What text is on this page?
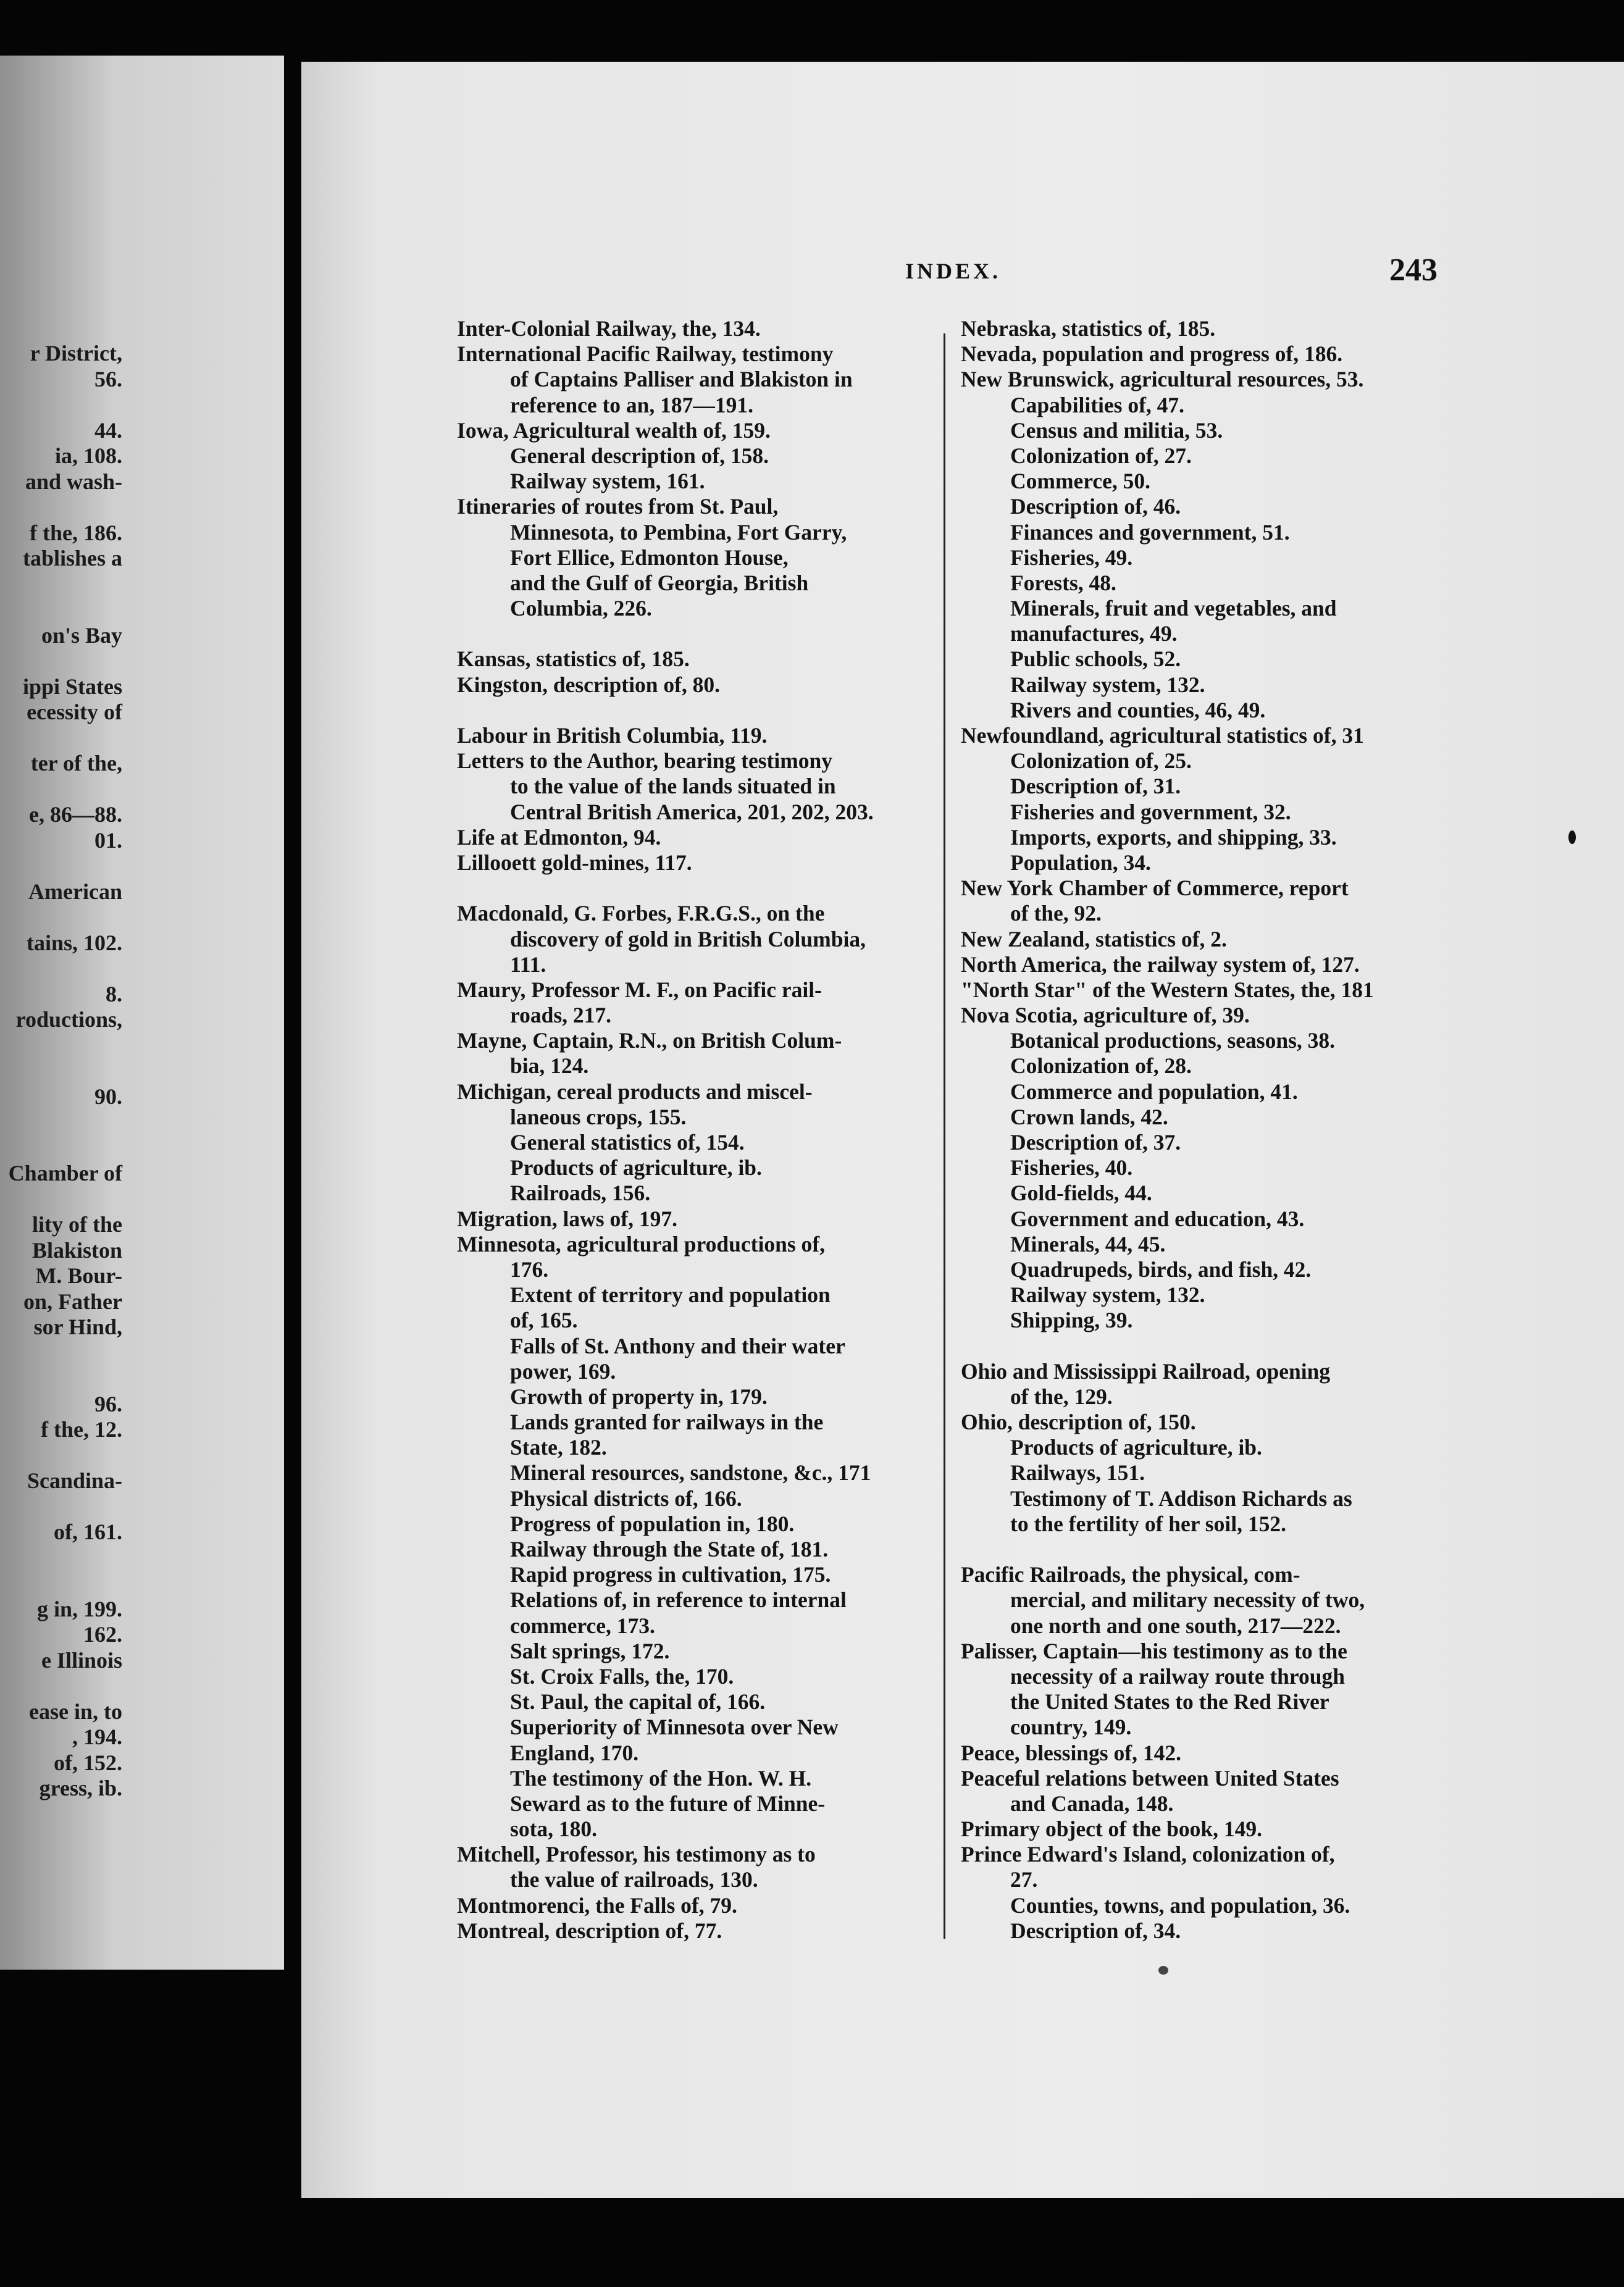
r District,
56.
44.
ia, 108.
and wash-
f the, 186.
tablishes a
on's Bay
ippi States
ecessity of
ter of the,
e, 86—88.
01.
American
tains, 102.
8.
roductions,
90.
Chamber of
lity of the
Blakiston
M. Bour-
on, Father
sor Hind,
96.
f the, 12.
Scandina-
of, 161.
g in, 199.
162.
e Illinois
ease in, to
, 194.
of, 152.
gress, ib.
INDEX.	243
Inter-Colonial Railway, the, 134.
International Pacific Railway, testimony
of Captains Palliser and Blakiston in
reference to an, 187—191.
Iowa, Agricultural wealth of, 159.
General description of, 158.
Railway system, 161.
Itineraries of routes from St. Paul,
Minnesota, to Pembina, Fort Garry,
Fort Ellice, Edmonton House,
and the Gulf of Georgia, British
Columbia, 226.
Kansas, statistics of, 185.
Kingston, description of, 80.
Labour in British Columbia, 119.
Letters to the Author, bearing testimony
to the value of the lands situated in
Central British America, 201, 202, 203.
Life at Edmonton, 94.
Lillooett gold-mines, 117.
Macdonald, G. Forbes, F.R.G.S., on the
discovery of gold in British Columbia,
111.
Maury, Professor M. F., on Pacific rail-
roads, 217.
Mayne, Captain, R.N., on British Colum-
bia, 124.
Michigan, cereal products and miscel-
laneous crops, 155.
General statistics of, 154.
Products of agriculture, ib.
Railroads, 156.
Migration, laws of, 197.
Minnesota, agricultural productions of,
176.
Extent of territory and population
of, 165.
Falls of St. Anthony and their water
power, 169.
Growth of property in, 179.
Lands granted for railways in the
State, 182.
Mineral resources, sandstone, &c., 171
Physical districts of, 166.
Progress of population in, 180.
Railway through the State of, 181.
Rapid progress in cultivation, 175.
Relations of, in reference to internal
commerce, 173.
Salt springs, 172.
St. Croix Falls, the, 170.
St. Paul, the capital of, 166.
Superiority of Minnesota over New
England, 170.
The testimony of the Hon. W. H.
Seward as to the future of Minne-
sota, 180.
Mitchell, Professor, his testimony as to
the value of railroads, 130.
Montmorenci, the Falls of, 79.
Montreal, description of, 77.
Nebraska, statistics of, 185.
Nevada, population and progress of, 186.
New Brunswick, agricultural resources, 53.
Capabilities of, 47.
Census and militia, 53.
Colonization of, 27.
Commerce, 50.
Description of, 46.
Finances and government, 51.
Fisheries, 49.
Forests, 48.
Minerals, fruit and vegetables, and
manufactures, 49.
Public schools, 52.
Railway system, 132.
Rivers and counties, 46, 49.
Newfoundland, agricultural statistics of, 31
Colonization of, 25.
Description of, 31.
Fisheries and government, 32.
Imports, exports, and shipping, 33.
Population, 34.
New York Chamber of Commerce, report
of the, 92.
New Zealand, statistics of, 2.
North America, the railway system of, 127.
"North Star" of the Western States, the, 181
Nova Scotia, agriculture of, 39.
Botanical productions, seasons, 38.
Colonization of, 28.
Commerce and population, 41.
Crown lands, 42.
Description of, 37.
Fisheries, 40.
Gold-fields, 44.
Government and education, 43.
Minerals, 44, 45.
Quadrupeds, birds, and fish, 42.
Railway system, 132.
Shipping, 39.
Ohio and Mississippi Railroad, opening
of the, 129.
Ohio, description of, 150.
Products of agriculture, ib.
Railways, 151.
Testimony of T. Addison Richards as
to the fertility of her soil, 152.
Pacific Railroads, the physical, com-
mercial, and military necessity of two,
one north and one south, 217—222.
Palisser, Captain—his testimony as to the
necessity of a railway route through
the United States to the Red River
country, 149.
Peace, blessings of, 142.
Peaceful relations between United States
and Canada, 148.
Primary object of the book, 149.
Prince Edward's Island, colonization of,
27.
Counties, towns, and population, 36.
Description of, 34.
